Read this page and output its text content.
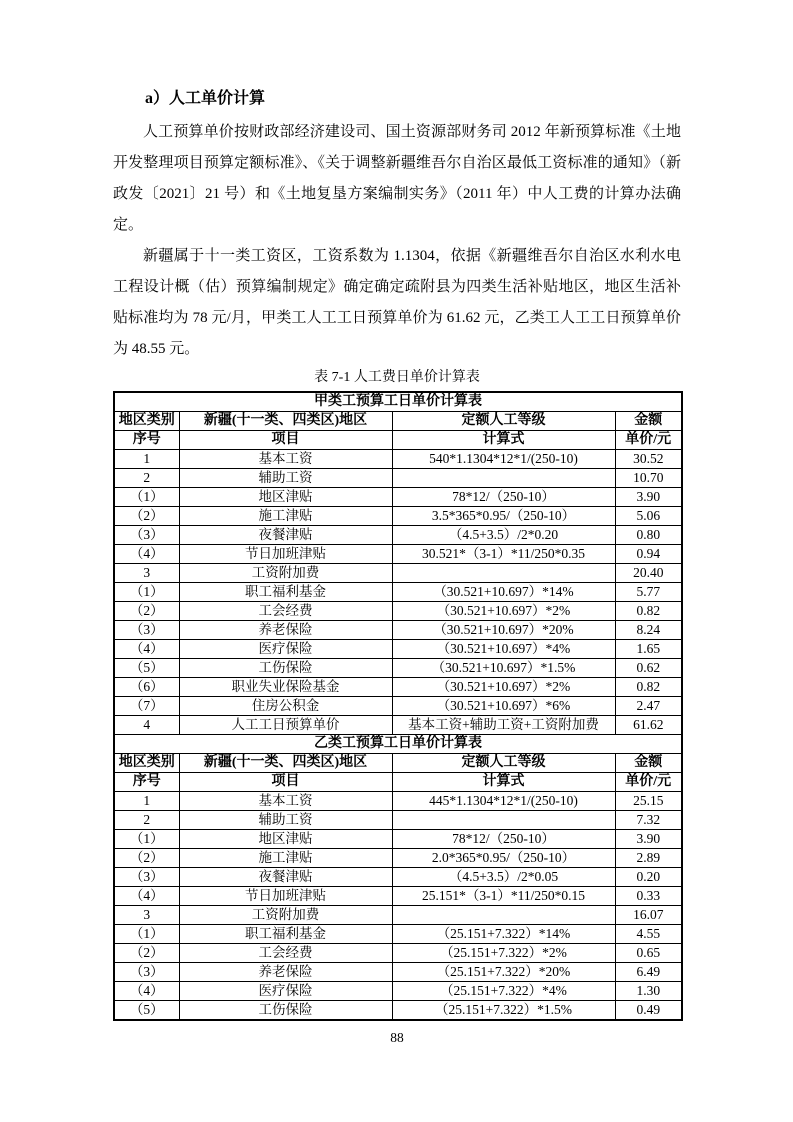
a）人工单价计算

人工预算单价按财政部经济建设司、国土资源部财务司 2012 年新预算标准《土地开发整理项目预算定额标准》、《关于调整新疆维吾尔自治区最低工资标准的通知》（新政发〔2021〕21 号）和《土地复垦方案编制实务》（2011 年）中人工费的计算办法确定。

新疆属于十一类工资区，工资系数为 1.1304，依据《新疆维吾尔自治区水利水电工程设计概（估）预算编制规定》确定确定疏附县为四类生活补贴地区，地区生活补贴标准均为 78 元/月，甲类工人工工日预算单价为 61.62 元，乙类工人工工日预算单价为 48.55 元。

表 7-1 人工费日单价计算表
甲类工预算工日单价计算表			
地区类别	新疆(十一类、四类区)地区	定额人工等级	金额
序号	项目	计算式	单价/元
1	基本工资	540*1.1304*12*1/(250-10)	30.52
2	辅助工资		10.70
（1）	地区津贴	78*12/（250-10）	3.90
（2）	施工津贴	3.5*365*0.95/（250-10）	5.06
（3）	夜餐津贴	（4.5+3.5）/2*0.20	0.80
（4）	节日加班津贴	30.521*（3-1）*11/250*0.35	0.94
3	工资附加费		20.40
（1）	职工福利基金	（30.521+10.697）*14%	5.77
（2）	工会经费	（30.521+10.697）*2%	0.82
（3）	养老保险	（30.521+10.697）*20%	8.24
（4）	医疗保险	（30.521+10.697）*4%	1.65
（5）	工伤保险	（30.521+10.697）*1.5%	0.62
（6）	职业失业保险基金	（30.521+10.697）*2%	0.82
（7）	住房公积金	（30.521+10.697）*6%	2.47
4	人工工日预算单价	基本工资+辅助工资+工资附加费	61.62
乙类工预算工日单价计算表			
地区类别	新疆(十一类、四类区)地区	定额人工等级	金额
序号	项目	计算式	单价/元
1	基本工资	445*1.1304*12*1/(250-10)	25.15
2	辅助工资		7.32
（1）	地区津贴	78*12/（250-10）	3.90
（2）	施工津贴	2.0*365*0.95/（250-10）	2.89
（3）	夜餐津贴	（4.5+3.5）/2*0.05	0.20
（4）	节日加班津贴	25.151*（3-1）*11/250*0.15	0.33
3	工资附加费		16.07
（1）	职工福利基金	（25.151+7.322）*14%	4.55
（2）	工会经费	（25.151+7.322）*2%	0.65
（3）	养老保险	（25.151+7.322）*20%	6.49
（4）	医疗保险	（25.151+7.322）*4%	1.30
（5）	工伤保险	（25.151+7.322）*1.5%	0.49
88
